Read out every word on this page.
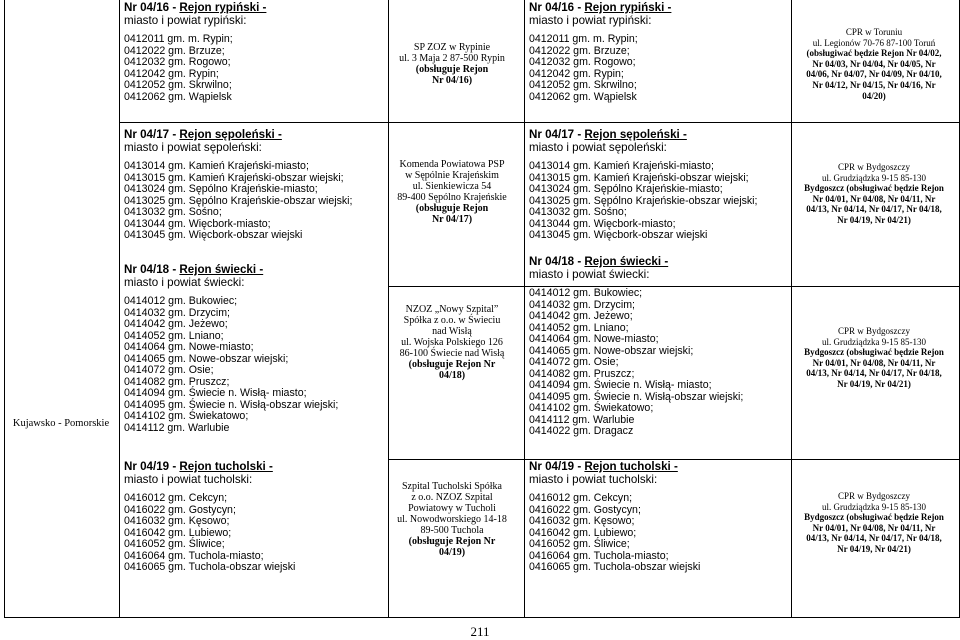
Kujawsko - Pomorskie
Nr 04/16 - Rejon rypiński -
miasto i powiat rypiński:
0412011 gm. m. Rypin;
0412022 gm. Brzuze;
0412032 gm. Rogowo;
0412042 gm. Rypin;
0412052 gm. Skrwilno;
0412062 gm. Wąpielsk
SP ZOZ w Rypinie
ul. 3 Maja 2 87-500 Rypin
(obsługuje Rejon
Nr 04/16)
Nr 04/16 - Rejon rypiński -
miasto i powiat rypiński:
0412011 gm. m. Rypin;
0412022 gm. Brzuze;
0412032 gm. Rogowo;
0412042 gm. Rypin;
0412052 gm. Skrwilno;
0412062 gm. Wąpielsk
CPR w Toruniu
ul. Legionów 70-76 87-100 Toruń
(obsługiwać będzie Rejon Nr 04/02,
Nr 04/03, Nr 04/04, Nr 04/05, Nr
04/06, Nr 04/07, Nr 04/09, Nr 04/10,
Nr 04/12, Nr 04/15, Nr 04/16, Nr
04/20)
Nr 04/17 - Rejon sępoleński -
miasto i powiat sępoleński:
0413014 gm. Kamień Krajeński-miasto;
0413015 gm. Kamień Krajeński-obszar wiejski;
0413024 gm. Sępólno Krajeńskie-miasto;
0413025 gm. Sępólno Krajeńskie-obszar wiejski;
0413032 gm. Sośno;
0413044 gm. Więcbork-miasto;
0413045 gm. Więcbork-obszar wiejski
Komenda Powiatowa PSP
w Sępólnie Krajeńskim
ul. Sienkiewicza 54
89-400 Sępólno Krajeńskie
(obsługuje Rejon
Nr 04/17)
Nr 04/17 - Rejon sępoleński -
miasto i powiat sępoleński:
0413014 gm. Kamień Krajeński-miasto;
0413015 gm. Kamień Krajeński-obszar wiejski;
0413024 gm. Sępólno Krajeńskie-miasto;
0413025 gm. Sępólno Krajeńskie-obszar wiejski;
0413032 gm. Sośno;
0413044 gm. Więcbork-miasto;
0413045 gm. Więcbork-obszar wiejski
CPR w Bydgoszczy
ul. Grudziądzka 9-15 85-130
Bydgoszcz (obsługiwać będzie Rejon
Nr 04/01, Nr 04/08, Nr 04/11, Nr
04/13, Nr 04/14, Nr 04/17, Nr 04/18,
Nr 04/19, Nr 04/21)
Nr 04/18 - Rejon świecki -
miasto i powiat świecki:
0414012 gm. Bukowiec;
0414032 gm. Drzycim;
0414042 gm. Jeżewo;
0414052 gm. Lniano;
0414064 gm. Nowe-miasto;
0414065 gm. Nowe-obszar wiejski;
0414072 gm. Osie;
0414082 gm. Pruszcz;
0414094 gm. Świecie n. Wisłą- miasto;
0414095 gm. Świecie n. Wisłą-obszar wiejski;
0414102 gm. Świekatowo;
0414112 gm. Warlubie
NZOZ „Nowy Szpital”
Spółka z o.o. w Świeciu
nad Wisłą
ul. Wojska Polskiego 126
86-100 Świecie nad Wisłą
(obsługuje Rejon Nr
04/18)
Nr 04/18 - Rejon świecki -
miasto i powiat świecki:
0414012 gm. Bukowiec;
0414032 gm. Drzycim;
0414042 gm. Jeżewo;
0414052 gm. Lniano;
0414064 gm. Nowe-miasto;
0414065 gm. Nowe-obszar wiejski;
0414072 gm. Osie;
0414082 gm. Pruszcz;
0414094 gm. Świecie n. Wisłą- miasto;
0414095 gm. Świecie n. Wisłą-obszar wiejski;
0414102 gm. Świekatowo;
0414112 gm. Warlubie
0414022 gm. Dragacz
CPR w Bydgoszczy
ul. Grudziądzka 9-15 85-130
Bydgoszcz (obsługiwać będzie Rejon
Nr 04/01, Nr 04/08, Nr 04/11, Nr
04/13, Nr 04/14, Nr 04/17, Nr 04/18,
Nr 04/19, Nr 04/21)
Nr 04/19 - Rejon tucholski -
miasto i powiat tucholski:
0416012 gm. Cekcyn;
0416022 gm. Gostycyn;
0416032 gm. Kęsowo;
0416042 gm. Lubiewo;
0416052 gm. Śliwice;
0416064 gm. Tuchola-miasto;
0416065 gm. Tuchola-obszar wiejski
Szpital Tucholski Spółka
z o.o. NZOZ Szpital
Powiatowy w Tucholi
ul. Nowodworskiego 14-18
89-500 Tuchola
(obsługuje Rejon Nr
04/19)
Nr 04/19 - Rejon tucholski -
miasto i powiat tucholski:
0416012 gm. Cekcyn;
0416022 gm. Gostycyn;
0416032 gm. Kęsowo;
0416042 gm. Lubiewo;
0416052 gm. Śliwice;
0416064 gm. Tuchola-miasto;
0416065 gm. Tuchola-obszar wiejski
CPR w Bydgoszczy
ul. Grudziądzka 9-15 85-130
Bydgoszcz (obsługiwać będzie Rejon
Nr 04/01, Nr 04/08, Nr 04/11, Nr
04/13, Nr 04/14, Nr 04/17, Nr 04/18,
Nr 04/19, Nr 04/21)
211
